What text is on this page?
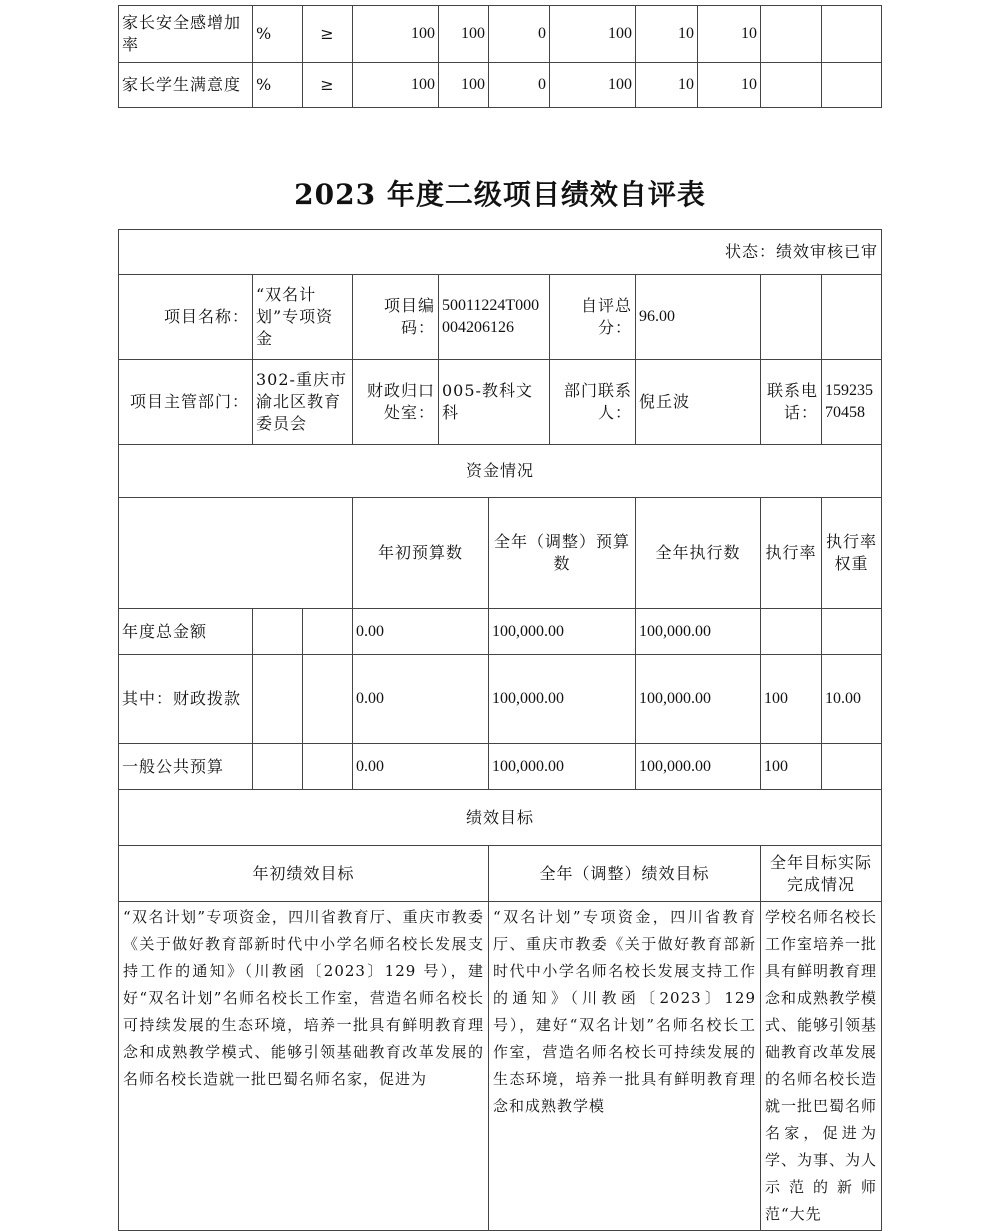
家长安全感增加率	%	≥	100	100	0	100	10	10		
家长学生满意度	%	≥	100	100	0	100	10	10		
2023 年度二级项目绩效自评表
状态：绩效审核已审										
项目名称：	“双名计划”专项资金		项目编码：	50011224T000004206126		自评总分：	96.00			
项目主管部门：	302-重庆市渝北区教育委员会		财政归口处室：	005-教科文科		部门联系人：	倪丘波	联系电话：	15923570458	
资金情况										
			年初预算数		全年（调整）预算数		全年执行数	执行率	执行率权重	
年度总金额			0.00		100,000.00		100,000.00			
其中：财政拨款			0.00		100,000.00		100,000.00	100	10.00	
一般公共预算			0.00		100,000.00		100,000.00	100		
绩效目标										
年初绩效目标					全年（调整）绩效目标			全年目标实际完成情况		
“双名计划”专项资金，四川省教育厅、重庆市教委《关于做好教育部新时代中小学名师名校长发展支持工作的通知》（川教函〔2023〕129 号），建好“双名计划”名师名校长工作室，营造名师名校长可持续发展的生态环境，培养一批具有鲜明教育理念和成熟教学模式、能够引领基础教育改革发展的名师名校长造就一批巴蜀名师名家，促进为					“双名计划”专项资金，四川省教育厅、重庆市教委《关于做好教育部新时代中小学名师名校长发展支持工作的通知》（川教函〔2023〕129 号），建好“双名计划”名师名校长工作室，营造名师名校长可持续发展的生态环境，培养一批具有鲜明教育理念和成熟教学模			学校名师名校长工作室培养一批具有鲜明教育理念和成熟教学模式、能够引领基础教育改革发展的名师名校长造就一批巴蜀名师名家，促进为学、为事、为人示范的新师范“大先		
